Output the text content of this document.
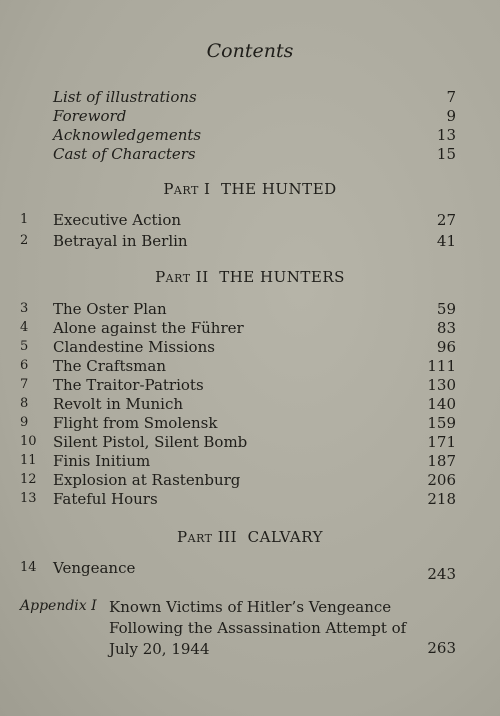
Contents
List of illustrations	7
Foreword	9
Acknowledgements	13
Cast of Characters	15
Part I THE HUNTED
1	Executive Action	27
2	Betrayal in Berlin	41
Part II THE HUNTERS
3	The Oster Plan	59
4	Alone against the Führer	83
5	Clandestine Missions	96
6	The Craftsman	111
7	The Traitor-Patriots	130
8	Revolt in Munich	140
9	Flight from Smolensk	159
10	Silent Pistol, Silent Bomb	171
11	Finis Initium	187
12	Explosion at Rastenburg	206
13	Fateful Hours	218
Part III CALVARY
14	Vengeance	243
Appendix I Known Victims of Hitler’s Vengeance
Following the Assassination Attempt of
July 20, 1944	263
